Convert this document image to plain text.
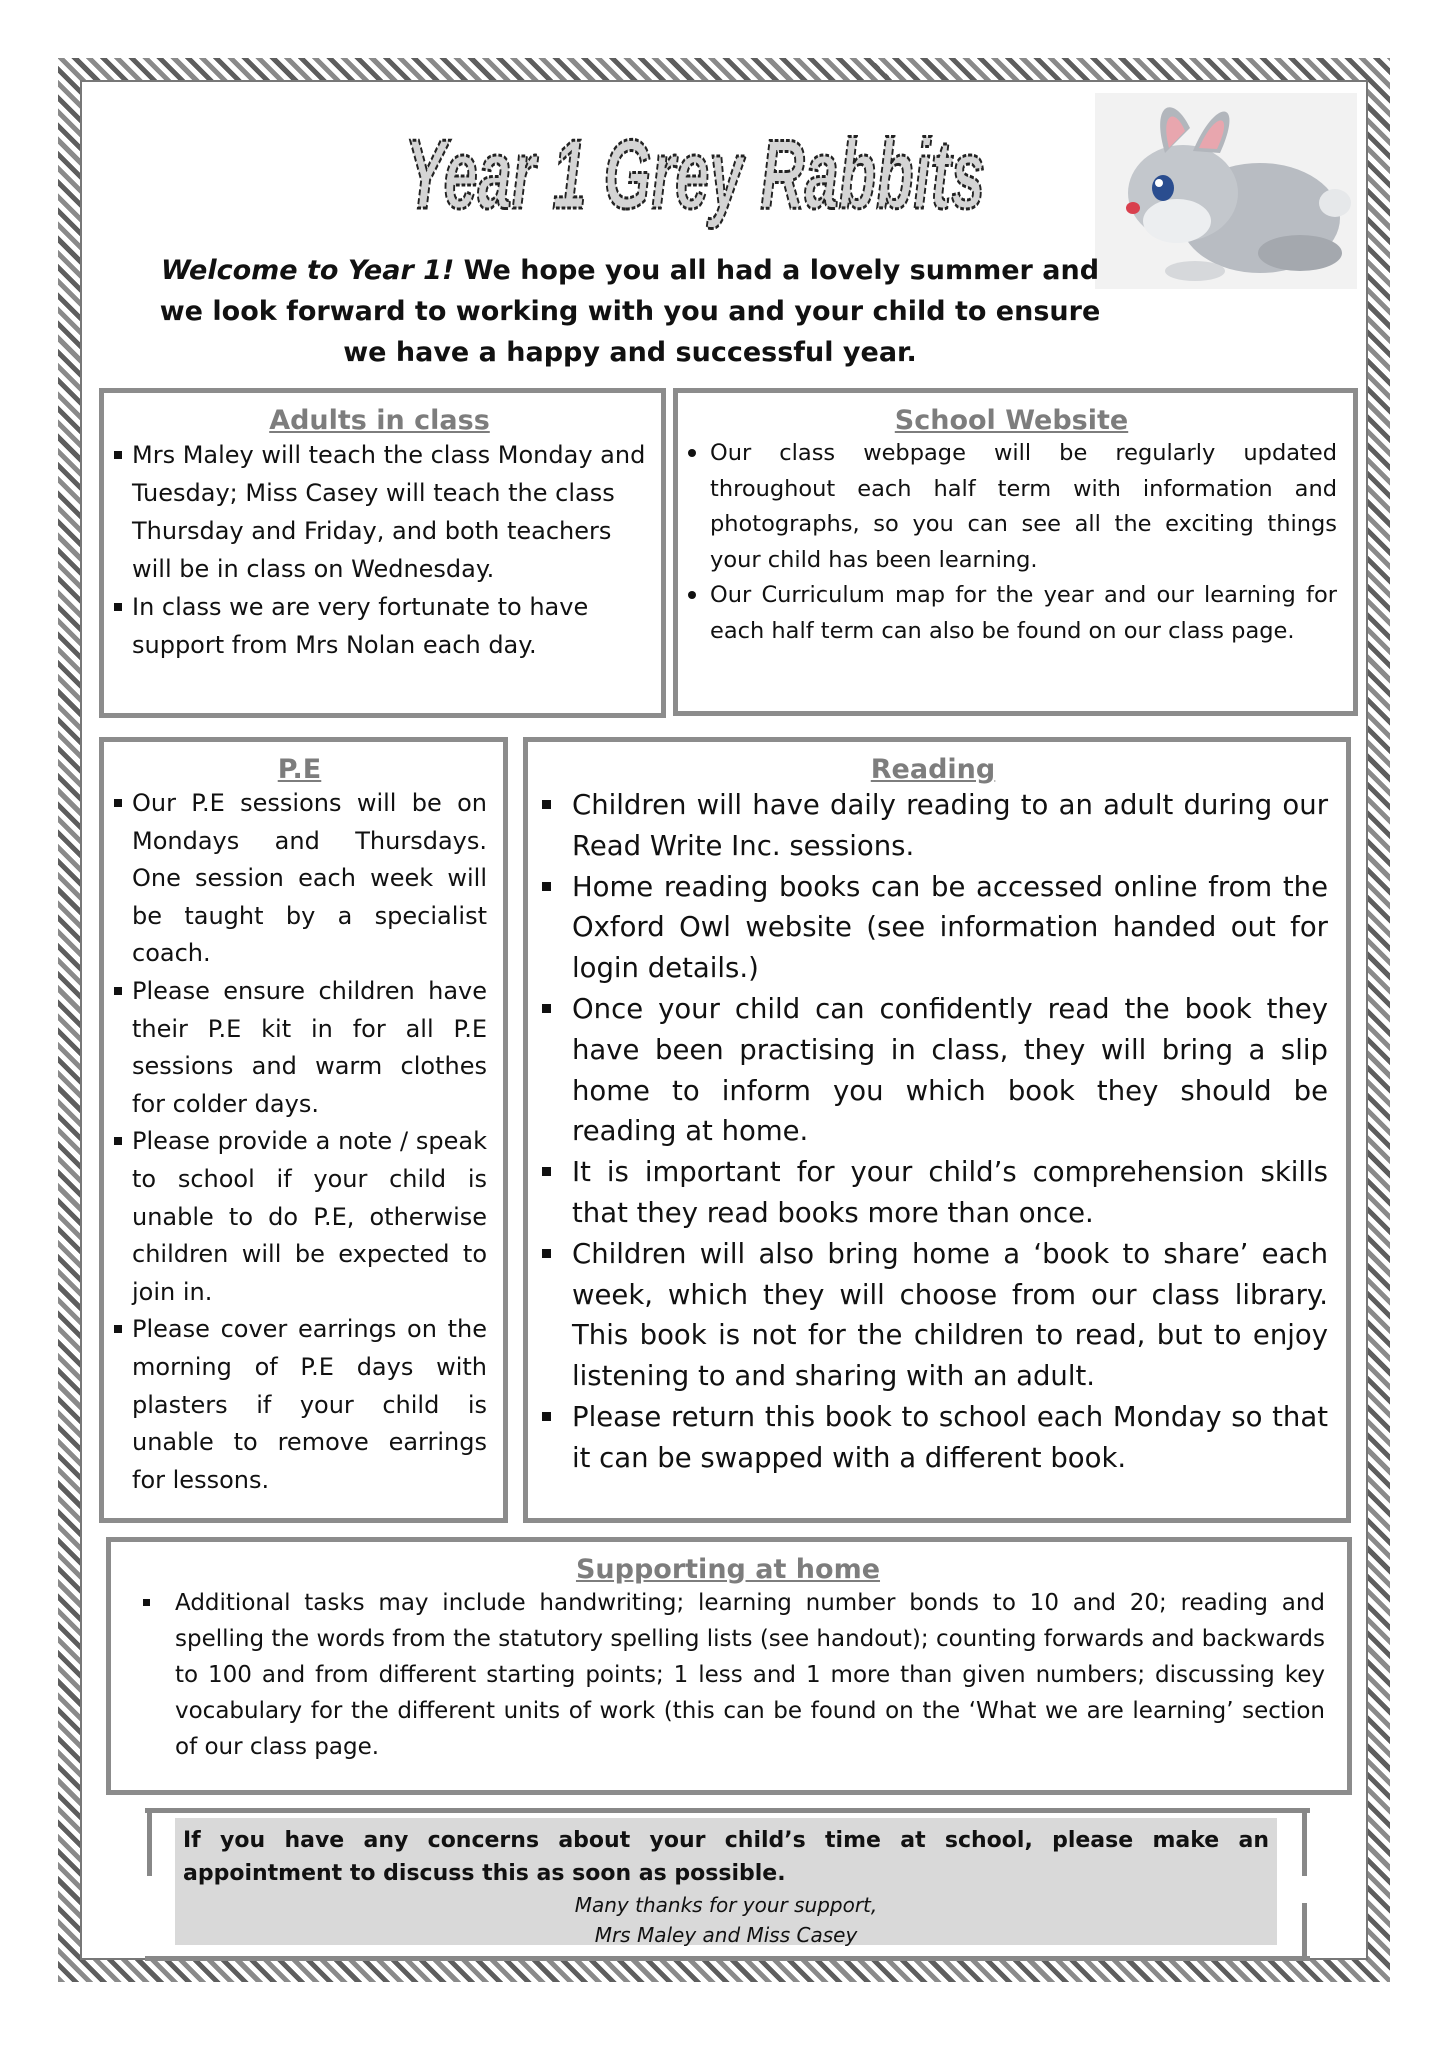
Year 1 Grey Rabbits
Welcome to Year 1! We hope you all had a lovely summer and we look forward to working with you and your child to ensure we have a happy and successful year.

Adults in class

Mrs Maley will teach the class Monday and Tuesday; Miss Casey will teach the class Thursday and Friday, and both teachers will be in class on Wednesday.
In class we are very fortunate to have support from Mrs Nolan each day.

School Website

Our class webpage will be regularly updated throughout each half term with information and photographs, so you can see all the exciting things your child has been learning.
Our Curriculum map for the year and our learning for each half term can also be found on our class page.

P.E

Our P.E sessions will be on Mondays and Thursdays. One session each week will be taught by a specialist coach.
Please ensure children have their P.E kit in for all P.E sessions and warm clothes for colder days.
Please provide a note / speak to school if your child is unable to do P.E, otherwise children will be expected to join in.
Please cover earrings on the morning of P.E days with plasters if your child is unable to remove earrings for lessons.

Reading

Children will have daily reading to an adult during our Read Write Inc. sessions.
Home reading books can be accessed online from the Oxford Owl website (see information handed out for login details.)
Once your child can confidently read the book they have been practising in class, they will bring a slip home to inform you which book they should be reading at home.
It is important for your child’s comprehension skills that they read books more than once.
Children will also bring home a ‘book to share’ each week, which they will choose from our class library. This book is not for the children to read, but to enjoy listening to and sharing with an adult.
Please return this book to school each Monday so that it can be swapped with a different book.

Supporting at home

Additional tasks may include handwriting; learning number bonds to 10 and 20; reading and spelling the words from the statutory spelling lists (see handout); counting forwards and backwards to 100 and from different starting points; 1 less and 1 more than given numbers; discussing key vocabulary for the different units of work (this can be found on the ‘What we are learning’ section of our class page.
If you have any concerns about your child’s time at school, please make an appointment to discuss this as soon as possible.
Many thanks for your support,
Mrs Maley and Miss Casey
